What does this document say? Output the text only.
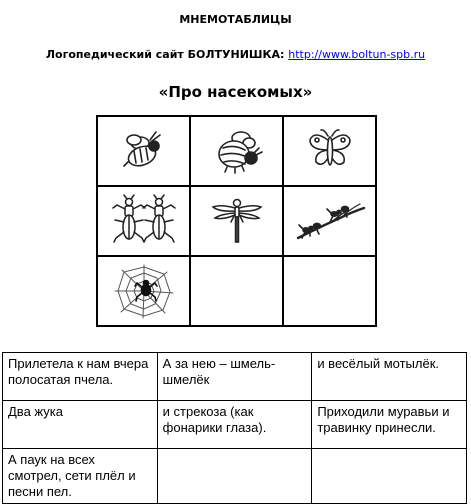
МНЕМОТАБЛИЦЫ
Логопедический сайт БОЛТУНИШКА: http://www.boltun-spb.ru
«Про насекомых»

Прилетела к нам вчера полосатая пчела.	А за нею – шмель-шмелёк	и весёлый мотылёк.
Два жука	и стрекоза (как фонарики глаза).	Приходили муравьи и травинку принесли.
А паук на всех смотрел, сети плёл и песни пел.		
